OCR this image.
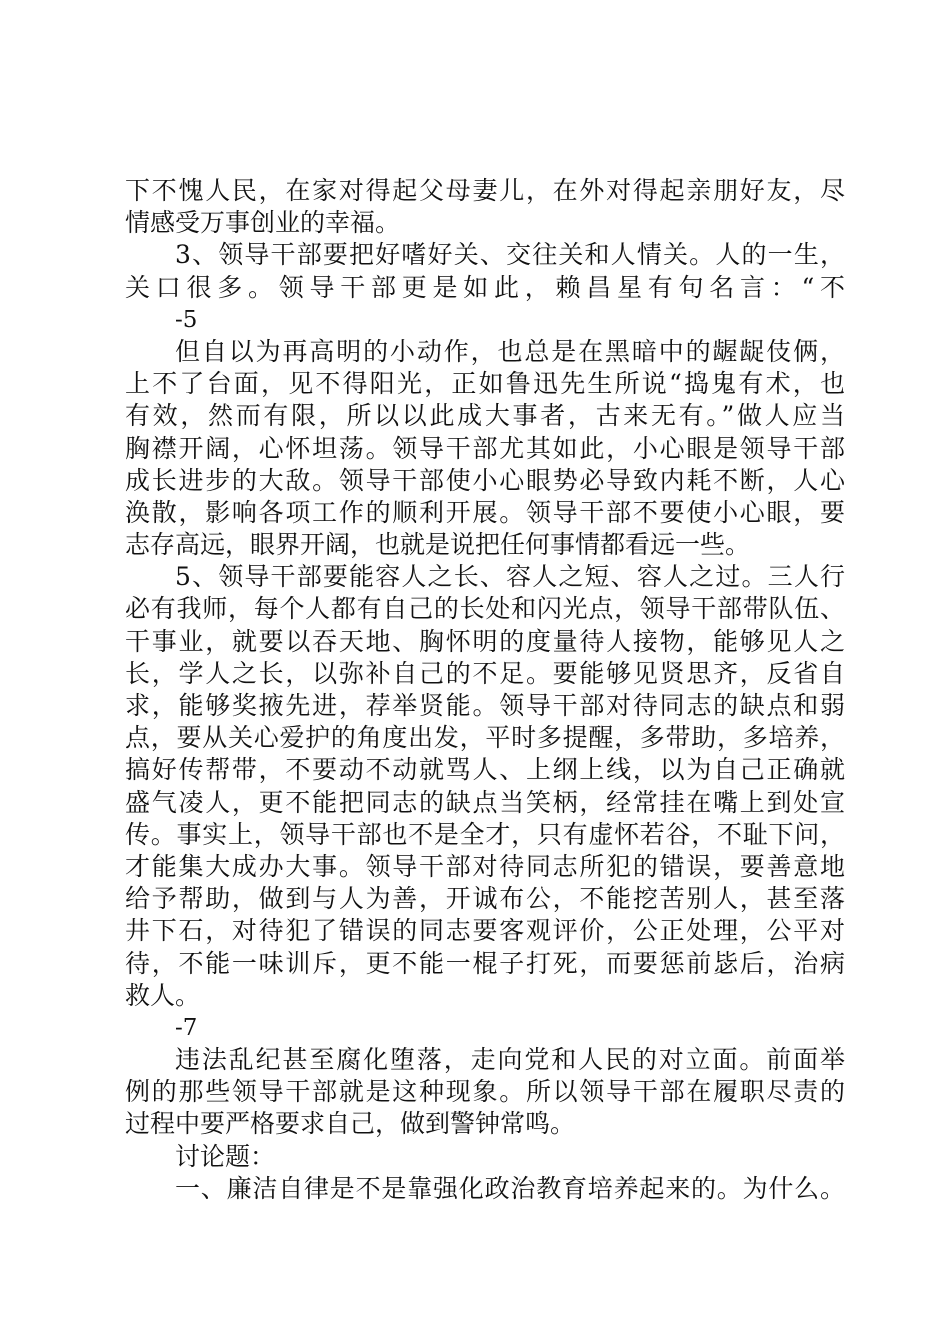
下不愧人民，在家对得起父母妻儿，在外对得起亲朋好友，尽
情感受万事创业的幸福。
3、领导干部要把好嗜好关、交往关和人情关。人的一生，
关口很多。领导干部更是如此，赖昌星有句名言：“不
-5
但自以为再高明的小动作，也总是在黑暗中的龌龊伎俩，
上不了台面，见不得阳光，正如鲁迅先生所说“捣鬼有术，也
有效，然而有限，所以以此成大事者，古来无有。”做人应当
胸襟开阔，心怀坦荡。领导干部尤其如此，小心眼是领导干部
成长进步的大敌。领导干部使小心眼势必导致内耗不断，人心
涣散，影响各项工作的顺利开展。领导干部不要使小心眼，要
志存高远，眼界开阔，也就是说把任何事情都看远一些。
5、领导干部要能容人之长、容人之短、容人之过。三人行
必有我师，每个人都有自己的长处和闪光点，领导干部带队伍、
干事业，就要以吞天地、胸怀明的度量待人接物，能够见人之
长，学人之长，以弥补自己的不足。要能够见贤思齐，反省自
求，能够奖掖先进，荐举贤能。领导干部对待同志的缺点和弱
点，要从关心爱护的角度出发，平时多提醒，多带助，多培养，
搞好传帮带，不要动不动就骂人、上纲上线，以为自己正确就
盛气凌人，更不能把同志的缺点当笑柄，经常挂在嘴上到处宣
传。事实上，领导干部也不是全才，只有虚怀若谷，不耻下问，
才能集大成办大事。领导干部对待同志所犯的错误，要善意地
给予帮助，做到与人为善，开诚布公，不能挖苦别人，甚至落
井下石，对待犯了错误的同志要客观评价，公正处理，公平对
待，不能一味训斥，更不能一棍子打死，而要惩前毖后，治病
救人。
-7
违法乱纪甚至腐化堕落，走向党和人民的对立面。前面举
例的那些领导干部就是这种现象。所以领导干部在履职尽责的
过程中要严格要求自己，做到警钟常鸣。
讨论题：
一、廉洁自律是不是靠强化政治教育培养起来的。为什么。
